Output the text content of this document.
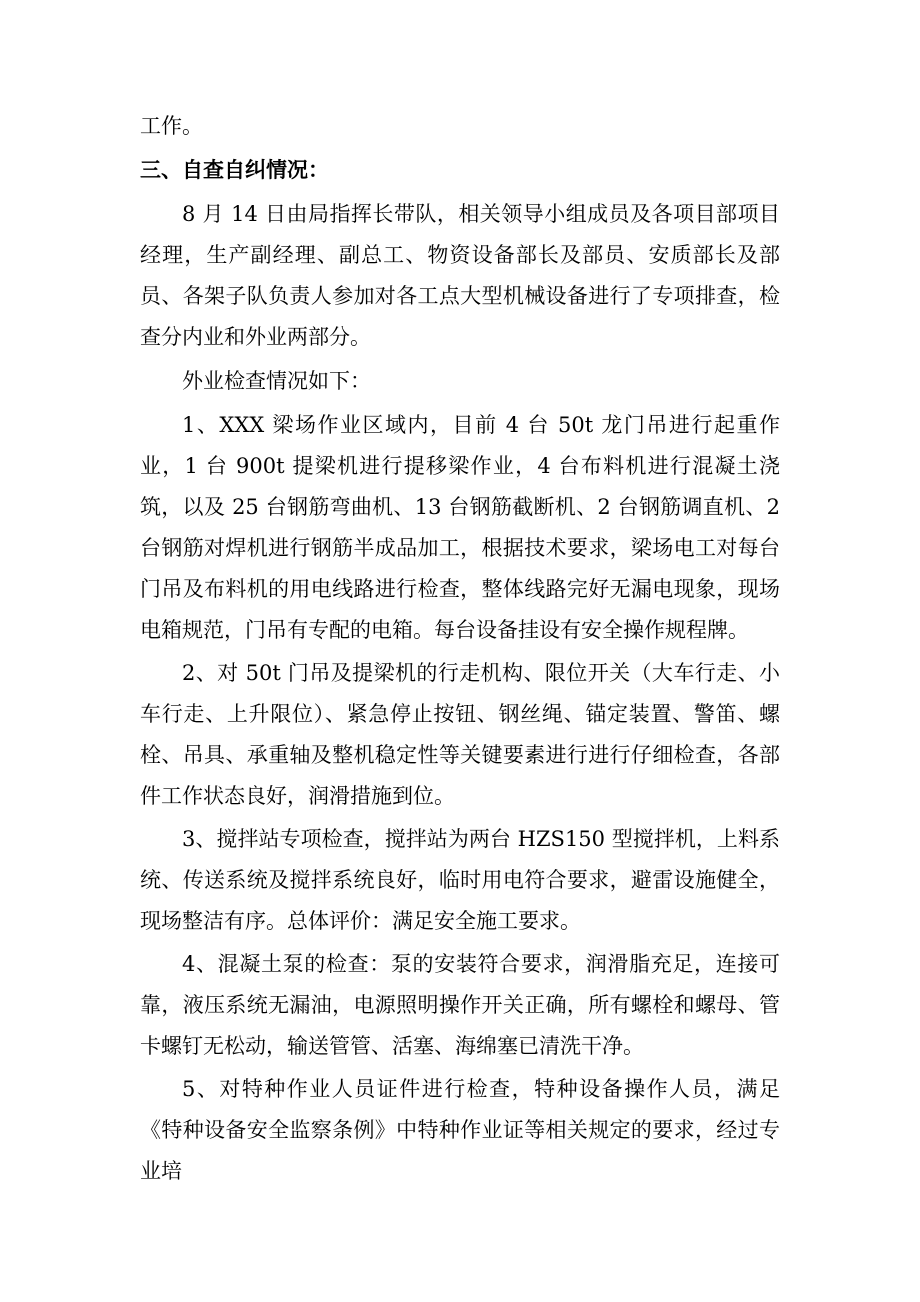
工作。

三、自查自纠情况：

8 月 14 日由局指挥长带队，相关领导小组成员及各项目部项目经理，生产副经理、副总工、物资设备部长及部员、安质部长及部员、各架子队负责人参加对各工点大型机械设备进行了专项排查，检查分内业和外业两部分。

外业检查情况如下：

1、XXX 梁场作业区域内，目前 4 台 50t 龙门吊进行起重作业，1 台 900t 提梁机进行提移梁作业，4 台布料机进行混凝土浇筑，以及 25 台钢筋弯曲机、13 台钢筋截断机、2 台钢筋调直机、2 台钢筋对焊机进行钢筋半成品加工，根据技术要求，梁场电工对每台门吊及布料机的用电线路进行检查，整体线路完好无漏电现象，现场电箱规范，门吊有专配的电箱。每台设备挂设有安全操作规程牌。

2、对 50t 门吊及提梁机的行走机构、限位开关（大车行走、小车行走、上升限位）、紧急停止按钮、钢丝绳、锚定装置、警笛、螺栓、吊具、承重轴及整机稳定性等关键要素进行进行仔细检查，各部件工作状态良好，润滑措施到位。

3、搅拌站专项检查，搅拌站为两台 HZS150 型搅拌机，上料系统、传送系统及搅拌系统良好，临时用电符合要求，避雷设施健全，现场整洁有序。总体评价：满足安全施工要求。

4、混凝土泵的检查：泵的安装符合要求，润滑脂充足，连接可靠，液压系统无漏油，电源照明操作开关正确，所有螺栓和螺母、管卡螺钉无松动，输送管管、活塞、海绵塞已清洗干净。

5、对特种作业人员证件进行检查，特种设备操作人员，满足《特种设备安全监察条例》中特种作业证等相关规定的要求，经过专业培
